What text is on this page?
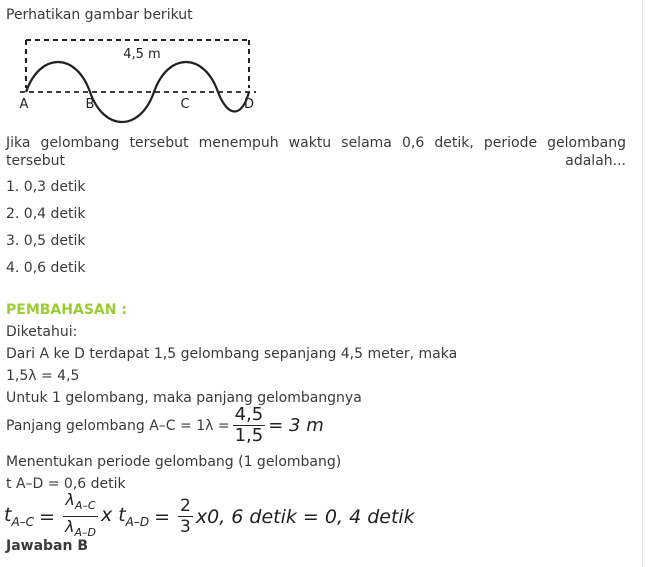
Perhatikan gambar berikut
4,5 m
A	B	C	D
Jika gelombang tersebut menempuh waktu selama 0,6 detik, periode gelombang tersebut adalah...
1. 0,3 detik
2. 0,4 detik
3. 0,5 detik
4. 0,6 detik
PEMBAHASAN :
Diketahui:
Dari A ke D terdapat 1,5 gelombang sepanjang 4,5 meter, maka
1,5λ = 4,5
Untuk 1 gelombang, maka panjang gelombangnya
Panjang gelombang $A-C = 1\lambda = \frac{4,5}{1,5} = 3$ m
Menentukan periode gelombang (1 gelombang)
t A–D = 0,6 detik
$t_{A-C} = \frac{\lambda_{A-C}}{\lambda_{A-D}}$ x $t_{A-D} = \frac{2}{3} x0$, 6 detik = 0, 4 detik
Jawaban B
